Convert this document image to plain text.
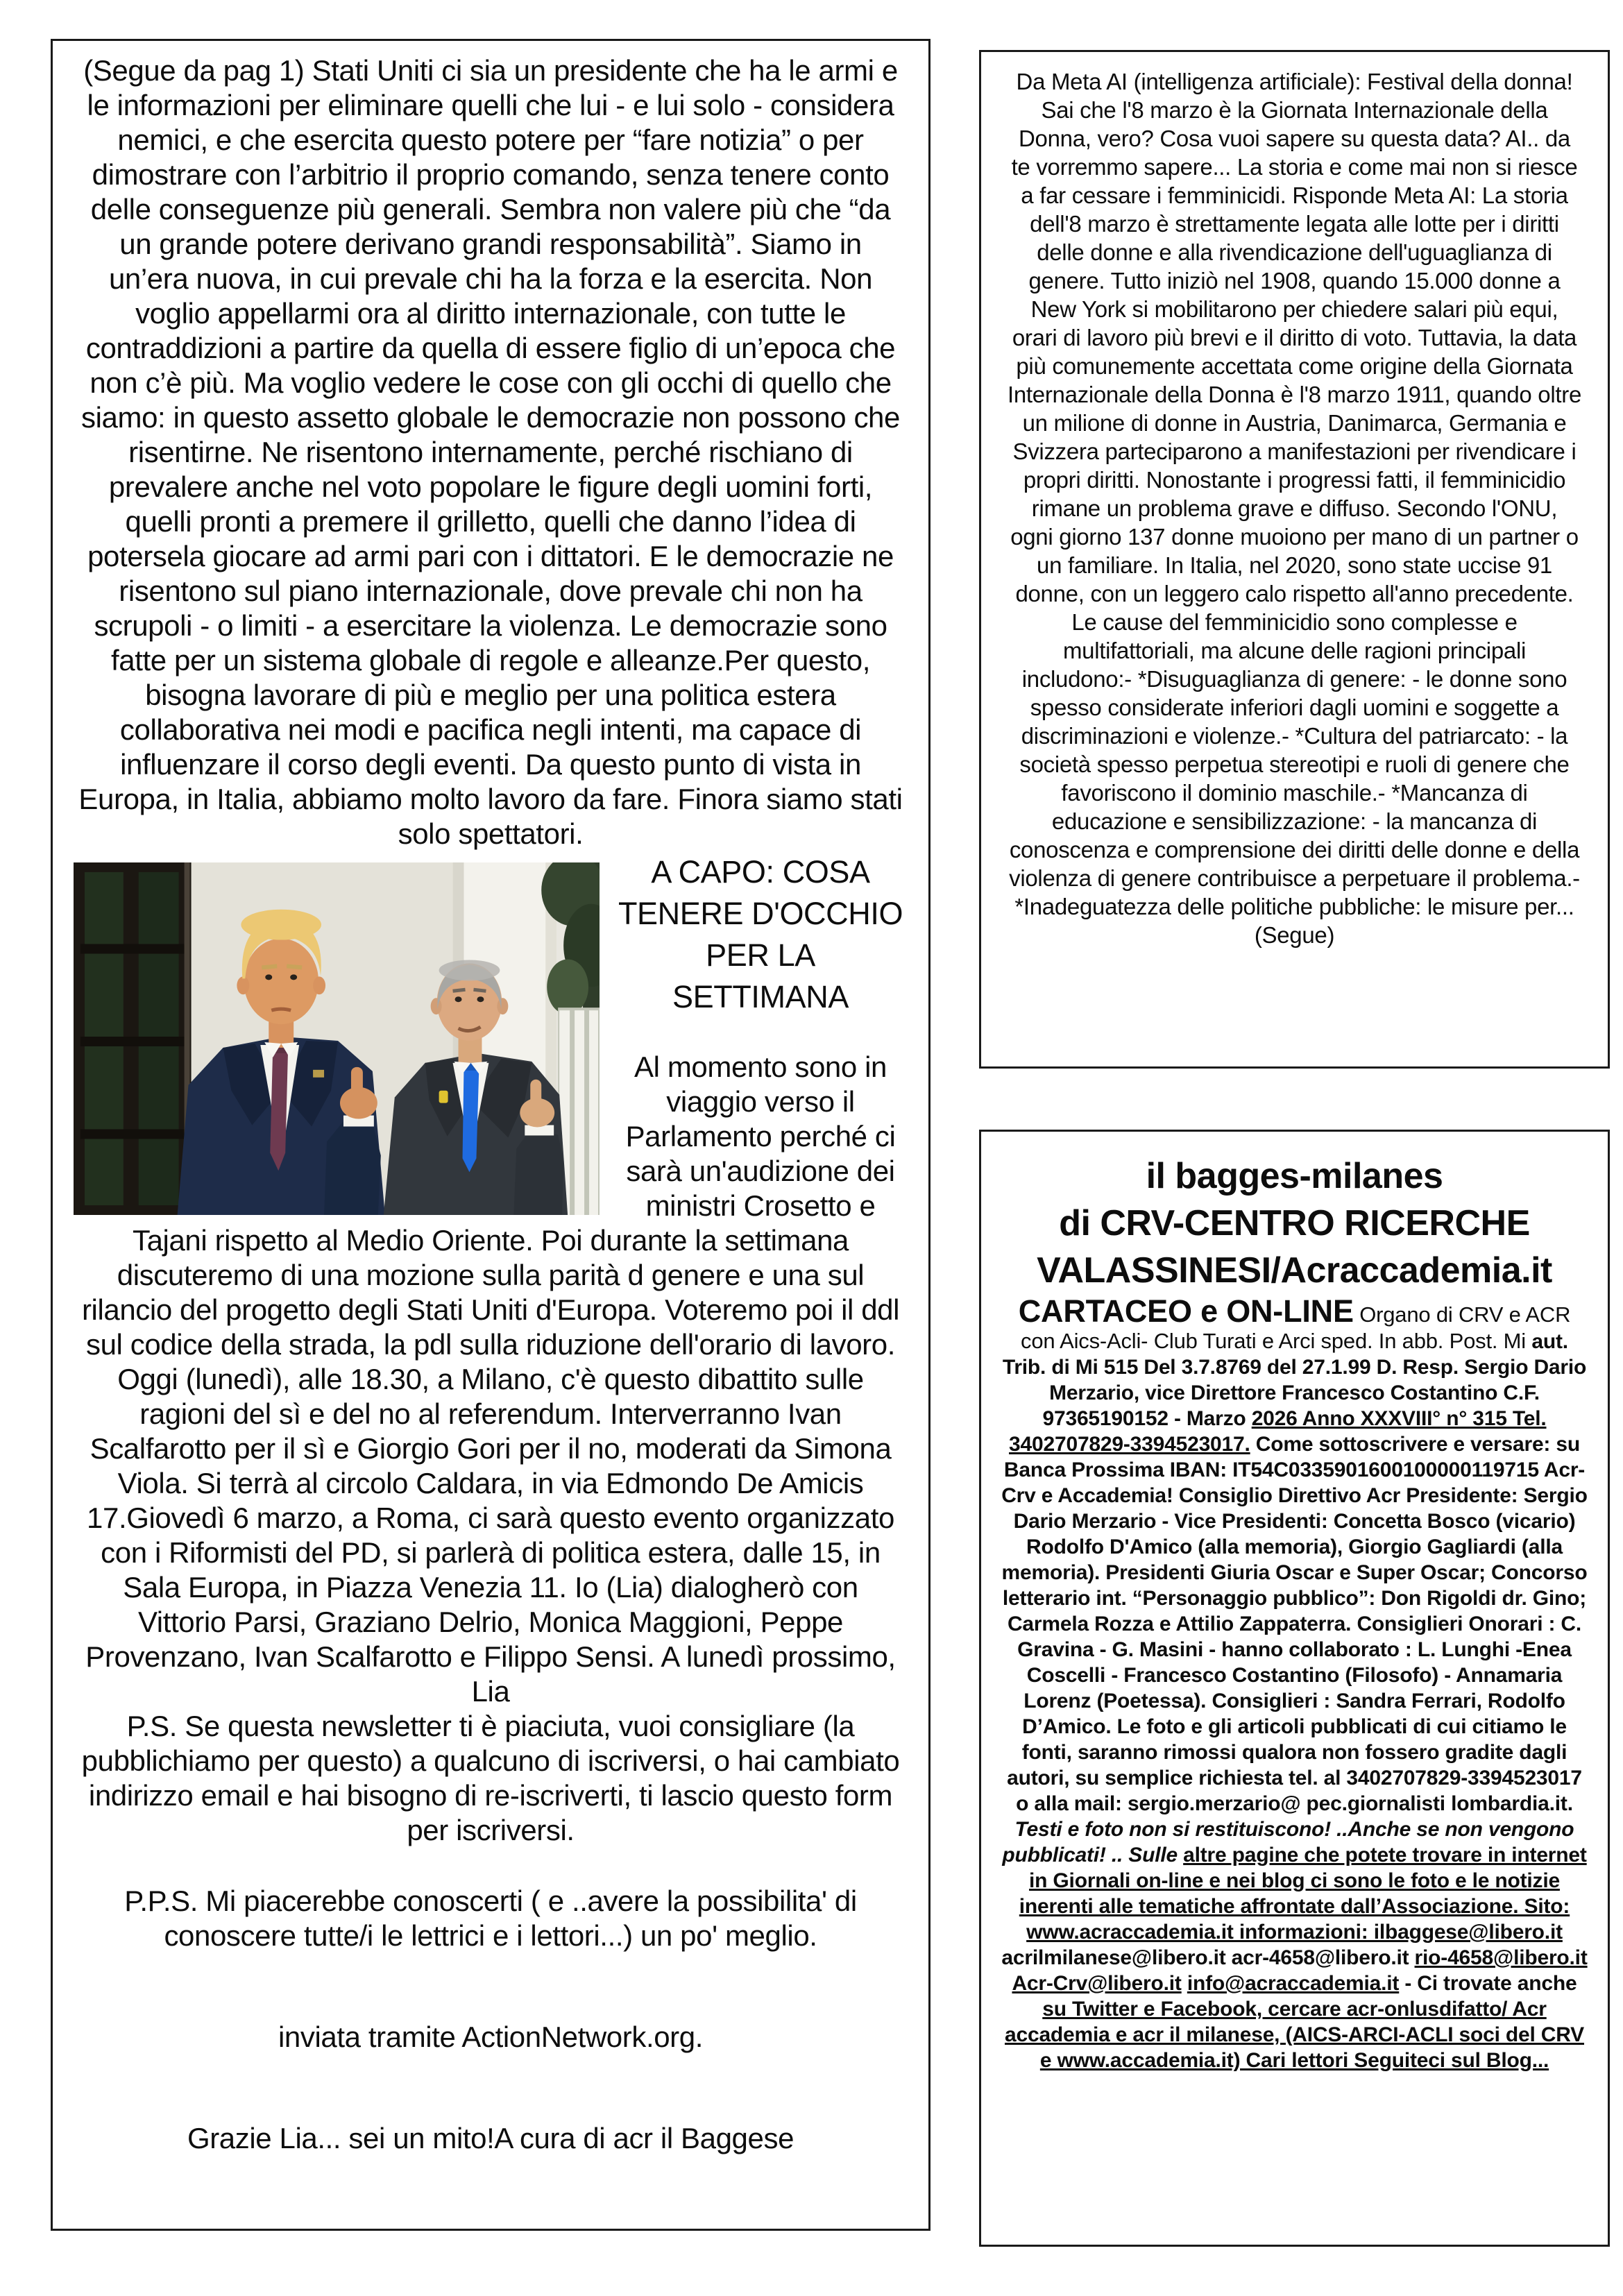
(Segue da pag 1) Stati Uniti ci sia un presidente che ha le armi e le informazioni per eliminare quelli che lui - e lui solo - considera nemici, e che esercita questo potere per “fare notizia” o per dimostrare con l’arbitrio il proprio comando, senza tenere conto delle conseguenze più generali. Sembra non valere più che “da un grande potere derivano grandi responsabilità”. Siamo in un’era nuova, in cui prevale chi ha la forza e la esercita. Non voglio appellarmi ora al diritto internazionale, con tutte le contraddizioni a partire da quella di essere figlio di un’epoca che non c’è più. Ma voglio vedere le cose con gli occhi di quello che siamo: in questo assetto globale le democrazie non possono che risentirne. Ne risentono internamente, perché rischiano di prevalere anche nel voto popolare le figure degli uomini forti, quelli pronti a premere il grilletto, quelli che danno l’idea di potersela giocare ad armi pari con i dittatori. E le democrazie ne risentono sul piano internazionale, dove prevale chi non ha scrupoli - o limiti - a esercitare la violenza. Le democrazie sono fatte per un sistema globale di regole e alleanze.Per questo, bisogna lavorare di più e meglio per una politica estera collaborativa nei modi e pacifica negli intenti, ma capace di influenzare il corso degli eventi. Da questo punto di vista in Europa, in Italia, abbiamo molto lavoro da fare. Finora siamo stati solo spettatori.

A CAPO: COSA
TENERE D'OCCHIO
PER LA SETTIMANA

Al momento sono in viaggio verso il Parlamento perché ci sarà un'audizione dei ministri Crosetto e Tajani rispetto al Medio Oriente. Poi durante la settimana discuteremo di una mozione sulla parità d genere e una sul rilancio del progetto degli Stati Uniti d'Europa. Voteremo poi il ddl sul codice della strada, la pdl sulla riduzione dell'orario di lavoro. Oggi (lunedì), alle 18.30, a Milano, c'è questo dibattito sulle ragioni del sì e del no al referendum. Interverranno Ivan Scalfarotto per il sì e Giorgio Gori per il no, moderati da Simona Viola. Si terrà al circolo Caldara, in via Edmondo De Amicis 17.Giovedì 6 marzo, a Roma, ci sarà questo evento organizzato con i Riformisti del PD, si parlerà di politica estera, dalle 15, in Sala Europa, in Piazza Venezia 11. Io (Lia) dialogherò con Vittorio Parsi, Graziano Delrio, Monica Maggioni, Peppe Provenzano, Ivan Scalfarotto e Filippo Sensi. A lunedì prossimo, Lia

P.S. Se questa newsletter ti è piaciuta, vuoi consigliare (la pubblichiamo per questo) a qualcuno di iscriversi, o hai cambiato indirizzo email e hai bisogno di re-iscriverti, ti lascio questo form per iscriversi.

P.P.S. Mi piacerebbe conoscerti ( e ..avere la possibilita' di conoscere tutte/i le lettrici e i lettori...) un po' meglio.

inviata tramite ActionNetwork.org.

Grazie Lia... sei un mito!A cura di acr il Baggese

Da Meta AI (intelligenza artificiale): Festival della donna! Sai che l'8 marzo è la Giornata Internazionale della Donna, vero? Cosa vuoi sapere su questa data? AI.. da te vorremmo sapere... La storia e come mai non si riesce a far cessare i femminicidi. Risponde Meta AI: La storia dell'8 marzo è strettamente legata alle lotte per i diritti delle donne e alla rivendicazione dell'uguaglianza di genere. Tutto iniziò nel 1908, quando 15.000 donne a New York si mobilitarono per chiedere salari più equi, orari di lavoro più brevi e il diritto di voto. Tuttavia, la data più comunemente accettata come origine della Giornata Internazionale della Donna è l'8 marzo 1911, quando oltre un milione di donne in Austria, Danimarca, Germania e Svizzera parteciparono a manifestazioni per rivendicare i propri diritti. Nonostante i progressi fatti, il femminicidio rimane un problema grave e diffuso. Secondo l'ONU, ogni giorno 137 donne muoiono per mano di un partner o un familiare. In Italia, nel 2020, sono state uccise 91 donne, con un leggero calo rispetto all'anno precedente. Le cause del femminicidio sono complesse e multifattoriali, ma alcune delle ragioni principali includono:- *Disuguaglianza di genere: - le donne sono spesso considerate inferiori dagli uomini e soggette a discriminazioni e violenze.- *Cultura del patriarcato: - la società spesso perpetua stereotipi e ruoli di genere che favoriscono il dominio maschile.- *Mancanza di educazione e sensibilizzazione: - la mancanza di conoscenza e comprensione dei diritti delle donne e della violenza di genere contribuisce a perpetuare il problema.- *Inadeguatezza delle politiche pubbliche: le misure per... (Segue)

il bagges-milanes
di CRV-CENTRO RICERCHE
VALASSINESI/Acraccademia.it

CARTACEO e ON-LINE Organo di CRV e ACR con Aics-Acli- Club Turati e Arci sped. In abb. Post. Mi aut. Trib. di Mi 515 Del 3.7.8769 del 27.1.99 D. Resp. Sergio Dario Merzario, vice Direttore Francesco Costantino C.F. 97365190152 - Marzo 2026 Anno XXXVIII° n° 315 Tel. 3402707829-3394523017. Come sottoscrivere e versare: su Banca Prossima IBAN: IT54C0335901600100000119715 Acr-Crv e Accademia! Consiglio Direttivo Acr Presidente: Sergio Dario Merzario - Vice Presidenti: Concetta Bosco (vicario) Rodolfo D'Amico (alla memoria), Giorgio Gagliardi (alla memoria). Presidenti Giuria Oscar e Super Oscar; Concorso letterario int. “Personaggio pubblico”: Don Rigoldi dr. Gino; Carmela Rozza e Attilio Zappaterra. Consiglieri Onorari : C. Gravina - G. Masini - hanno collaborato : L. Lunghi -Enea Coscelli - Francesco Costantino (Filosofo) - Annamaria Lorenz (Poetessa). Consiglieri : Sandra Ferrari, Rodolfo D’Amico. Le foto e gli articoli pubblicati di cui citiamo le fonti, saranno rimossi qualora non fossero gradite dagli autori, su semplice richiesta tel. al 3402707829-3394523017 o alla mail: sergio.merzario@ pec.giornalisti lombardia.it. Testi e foto non si restituiscono! ..Anche se non vengono pubblicati! .. Sulle altre pagine che potete trovare in internet in Giornali on-line e nei blog ci sono le foto e le notizie inerenti alle tematiche affrontate dall’Associazione. Sito: www.acraccademia.it informazioni: ilbaggese@libero.it acrilmilanese@libero.it acr-4658@libero.it rio-4658@libero.it Acr-Crv@libero.it info@acraccademia.it - Ci trovate anche su Twitter e Facebook, cercare acr-onlusdifatto/ Acr accademia e acr il milanese, (AICS-ARCI-ACLI soci del CRV e www.accademia.it) Cari lettori Seguiteci sul Blog...
